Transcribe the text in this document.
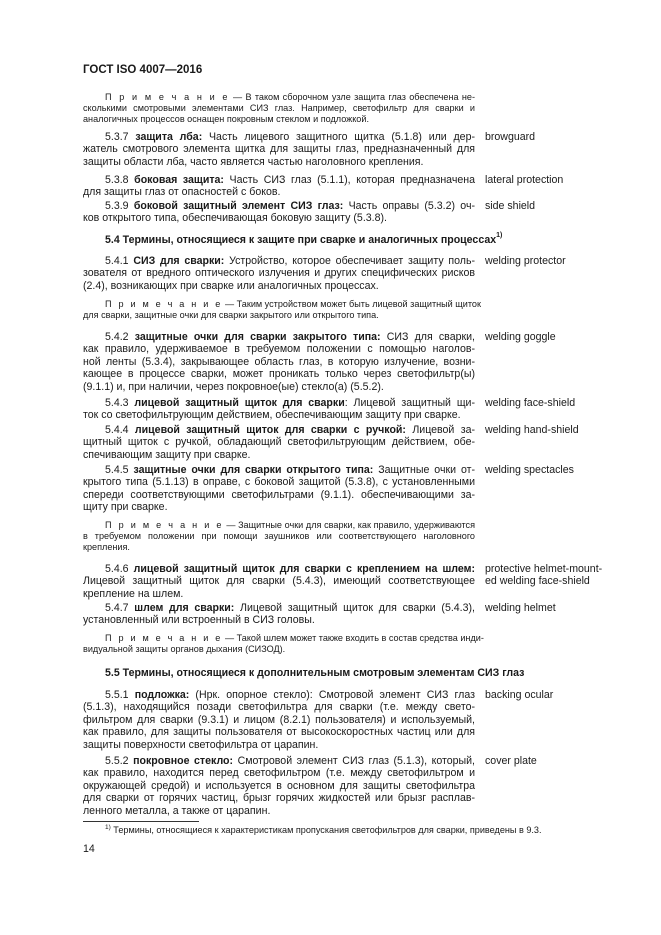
ГОСТ ISO 4007—2016
П р и м е ч а н и е — В таком сборочном узле защита глаз обеспечена не-
сколькими смотровыми элементами СИЗ глаз. Например, светофильтр для сварки и
аналогичных процессов оснащен покровным стеклом и подложкой.
5.3.7 защита лба: Часть лицевого защитного щитка (5.1.8) или дер-
жатель смотрового элемента щитка для защиты глаз, предназначенный для
защиты области лба, часто является частью наголовного крепления.
browguard
5.3.8 боковая защита: Часть СИЗ глаз (5.1.1), которая предназначена
для защиты глаз от опасностей с боков.
lateral protection
5.3.9 боковой защитный элемент СИЗ глаз: Часть оправы (5.3.2) оч-
ков открытого типа, обеспечивающая боковую защиту (5.3.8).
side shield
5.4 Термины, относящиеся к защите при сварке и аналогичных процессах$^{1)}$
5.4.1 СИЗ для сварки: Устройство, которое обеспечивает защиту поль-
зователя от вредного оптического излучения и других специфических рисков
(2.4), возникающих при сварке или аналогичных процессах.
welding protector
П р и м е ч а н и е — Таким устройством может быть лицевой защитный щиток
для сварки, защитные очки для сварки закрытого или открытого типа.
5.4.2 защитные очки для сварки закрытого типа: СИЗ для сварки,
как правило, удерживаемое в требуемом положении с помощью наголов-
ной ленты (5.3.4), закрывающее область глаз, в которую излучение, возни-
кающее в процессе сварки, может проникать только через светофильтр(ы)
(9.1.1) и, при наличии, через покровное(ые) стекло(а) (5.5.2).
welding goggle
5.4.3 лицевой защитный щиток для сварки: Лицевой защитный щи-
ток со светофильтрующим действием, обеспечивающим защиту при сварке.
welding face-shield
5.4.4 лицевой защитный щиток для сварки с ручкой: Лицевой за-
щитный щиток с ручкой, обладающий светофильтрующим действием, обе-
спечивающим защиту при сварке.
welding hand-shield
5.4.5 защитные очки для сварки открытого типа: Защитные очки от-
крытого типа (5.1.13) в оправе, с боковой защитой (5.3.8), с установленными
спереди соответствующими светофильтрами (9.1.1). обеспечивающими за-
щиту при сварке.
welding spectacles
П р и м е ч а н и е — Защитные очки для сварки, как правило, удерживаются
в требуемом положении при помощи заушников или соответствующего наголовного
крепления.
5.4.6 лицевой защитный щиток для сварки с креплением на шлем:
Лицевой защитный щиток для сварки (5.4.3), имеющий соответствующее
крепление на шлем.
protective helmet-mount-
ed welding face-shield
5.4.7 шлем для сварки: Лицевой защитный щиток для сварки (5.4.3),
установленный или встроенный в СИЗ головы.
welding helmet
П р и м е ч а н и е — Такой шлем может также входить в состав средства инди-
видуальной защиты органов дыхания (СИЗОД).
5.5 Термины, относящиеся к дополнительным смотровым элементам СИЗ глаз
5.5.1 подложка: (Нрк. опорное стекло): Смотровой элемент СИЗ глаз
(5.1.3), находящийся позади светофильтра для сварки (т.е. между свето-
фильтром для сварки (9.3.1) и лицом (8.2.1) пользователя) и используемый,
как правило, для защиты пользователя от высокоскоростных частиц или для
защиты поверхности светофильтра от царапин.
backing ocular
5.5.2 покровное стекло: Смотровой элемент СИЗ глаз (5.1.3), который,
как правило, находится перед светофильтром (т.е. между светофильтром и
окружающей средой) и используется в основном для защиты светофильтра
для сварки от горячих частиц, брызг горячих жидкостей или брызг расплав-
ленного металла, а также от царапин.
cover plate
$^{1)}$ Термины, относящиеся к характеристикам пропускания светофильтров для сварки, приведены в 9.3.
14
